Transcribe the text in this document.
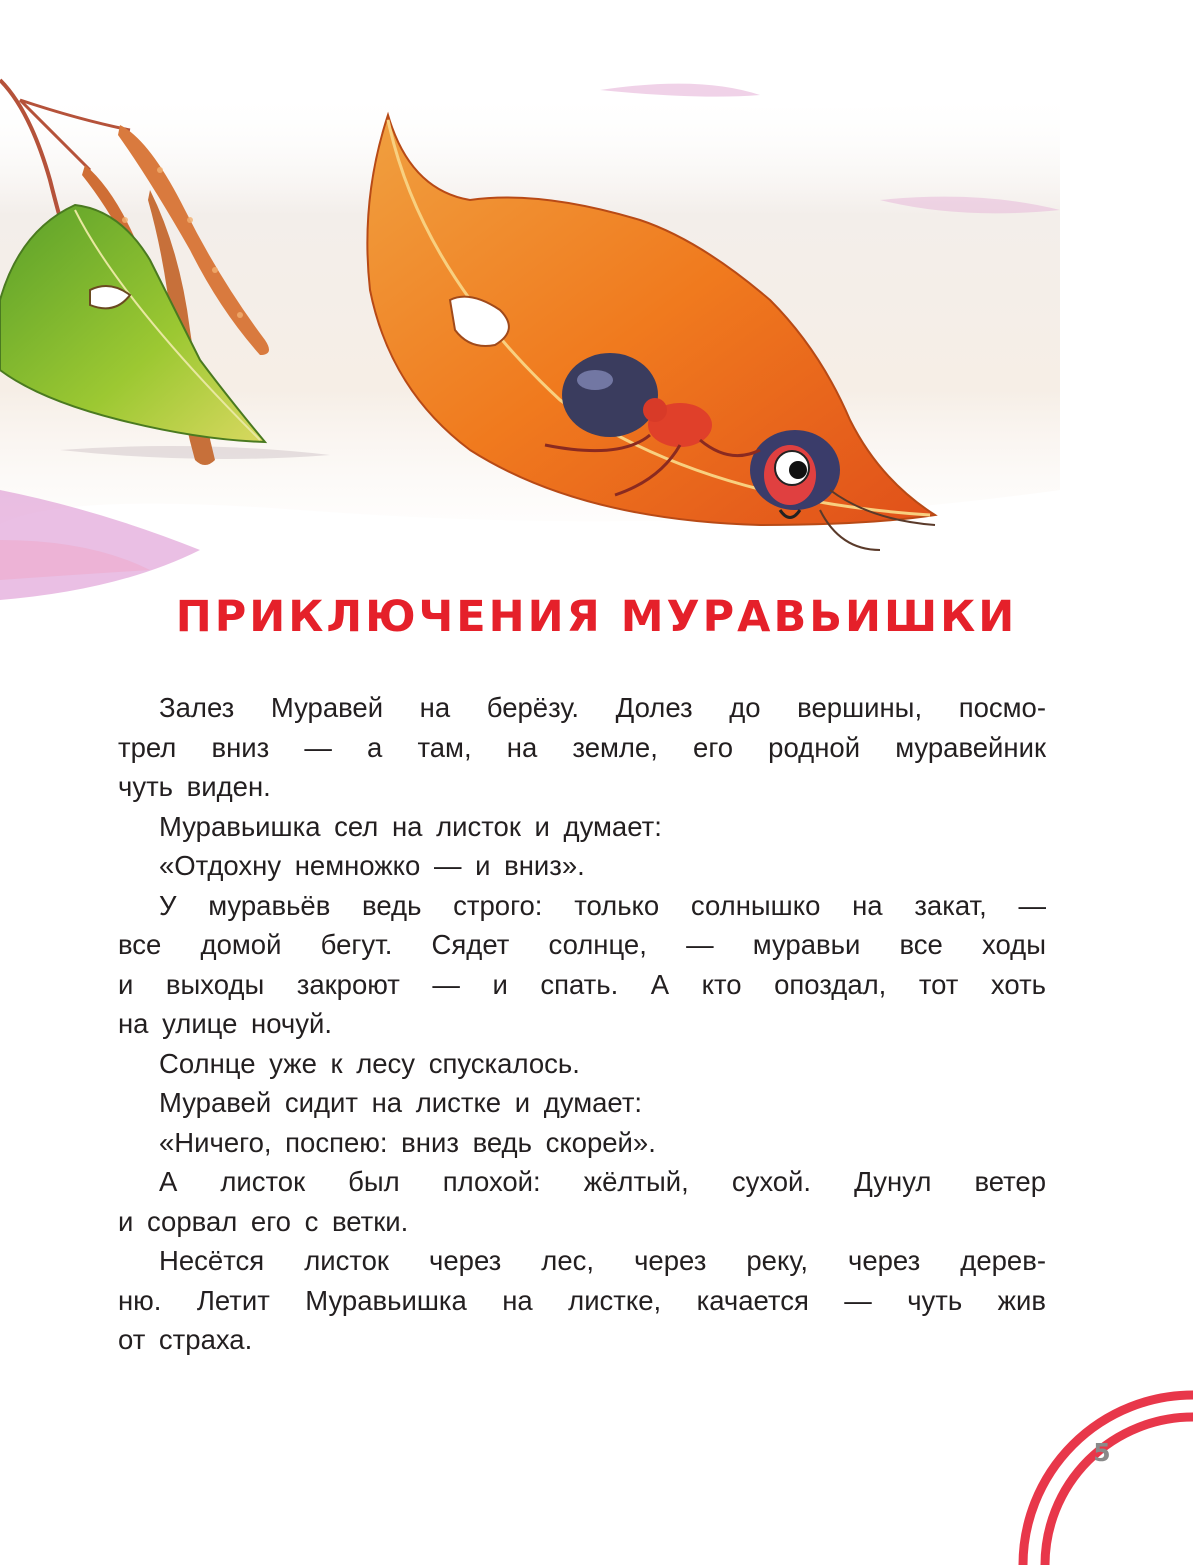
ПРИКЛЮЧЕНИЯ МУРАВЬИШКИ
Залез Муравей на берёзу. Долез до вершины, посмо-
трел вниз — а там, на земле, его родной муравейник
чуть виден.
Муравьишка сел на листок и думает:
«Отдохну немножко — и вниз».
У муравьёв ведь строго: только солнышко на закат, —
все домой бегут. Сядет солнце, — муравьи все ходы
и выходы закроют — и спать. А кто опоздал, тот хоть
на улице ночуй.
Солнце уже к лесу спускалось.
Муравей сидит на листке и думает:
«Ничего, поспею: вниз ведь скорей».
А листок был плохой: жёлтый, сухой. Дунул ветер
и сорвал его с ветки.
Несётся листок через лес, через реку, через дерев-
ню. Летит Муравьишка на листке, качается — чуть жив
от страха.
5
